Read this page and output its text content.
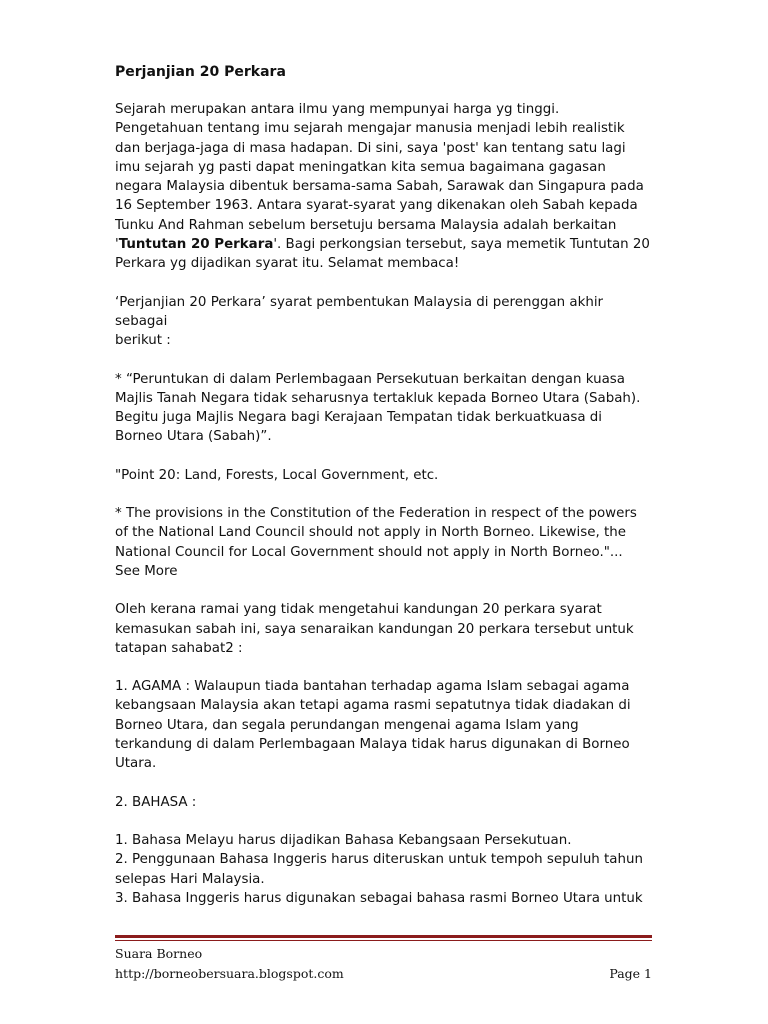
Perjanjian 20 Perkara
Sejarah merupakan antara ilmu yang mempunyai harga yg tinggi.
Pengetahuan tentang imu sejarah mengajar manusia menjadi lebih realistik
dan berjaga-jaga di masa hadapan. Di sini, saya 'post' kan tentang satu lagi
imu sejarah yg pasti dapat meningatkan kita semua bagaimana gagasan
negara Malaysia dibentuk bersama-sama Sabah, Sarawak dan Singapura pada
16 September 1963. Antara syarat-syarat yang dikenakan oleh Sabah kepada
Tunku And Rahman sebelum bersetuju bersama Malaysia adalah berkaitan
'Tuntutan 20 Perkara'. Bagi perkongsian tersebut, saya memetik Tuntutan 20
Perkara yg dijadikan syarat itu. Selamat membaca!
‘Perjanjian 20 Perkara’ syarat pembentukan Malaysia di perenggan akhir
sebagai
berikut :
* “Peruntukan di dalam Perlembagaan Persekutuan berkaitan dengan kuasa
Majlis Tanah Negara tidak seharusnya tertakluk kepada Borneo Utara (Sabah).
Begitu juga Majlis Negara bagi Kerajaan Tempatan tidak berkuatkuasa di
Borneo Utara (Sabah)”.
"Point 20: Land, Forests, Local Government, etc.
* The provisions in the Constitution of the Federation in respect of the powers
of the National Land Council should not apply in North Borneo. Likewise, the
National Council for Local Government should not apply in North Borneo."...
See More
Oleh kerana ramai yang tidak mengetahui kandungan 20 perkara syarat
kemasukan sabah ini, saya senaraikan kandungan 20 perkara tersebut untuk
tatapan sahabat2 :
1. AGAMA : Walaupun tiada bantahan terhadap agama Islam sebagai agama
kebangsaan Malaysia akan tetapi agama rasmi sepatutnya tidak diadakan di
Borneo Utara, dan segala perundangan mengenai agama Islam yang
terkandung di dalam Perlembagaan Malaya tidak harus digunakan di Borneo
Utara.
2. BAHASA :
1. Bahasa Melayu harus dijadikan Bahasa Kebangsaan Persekutuan.
2. Penggunaan Bahasa Inggeris harus diteruskan untuk tempoh sepuluh tahun
selepas Hari Malaysia.
3. Bahasa Inggeris harus digunakan sebagai bahasa rasmi Borneo Utara untuk
Suara Borneo
http://borneobersuara.blogspot.com	Page 1
